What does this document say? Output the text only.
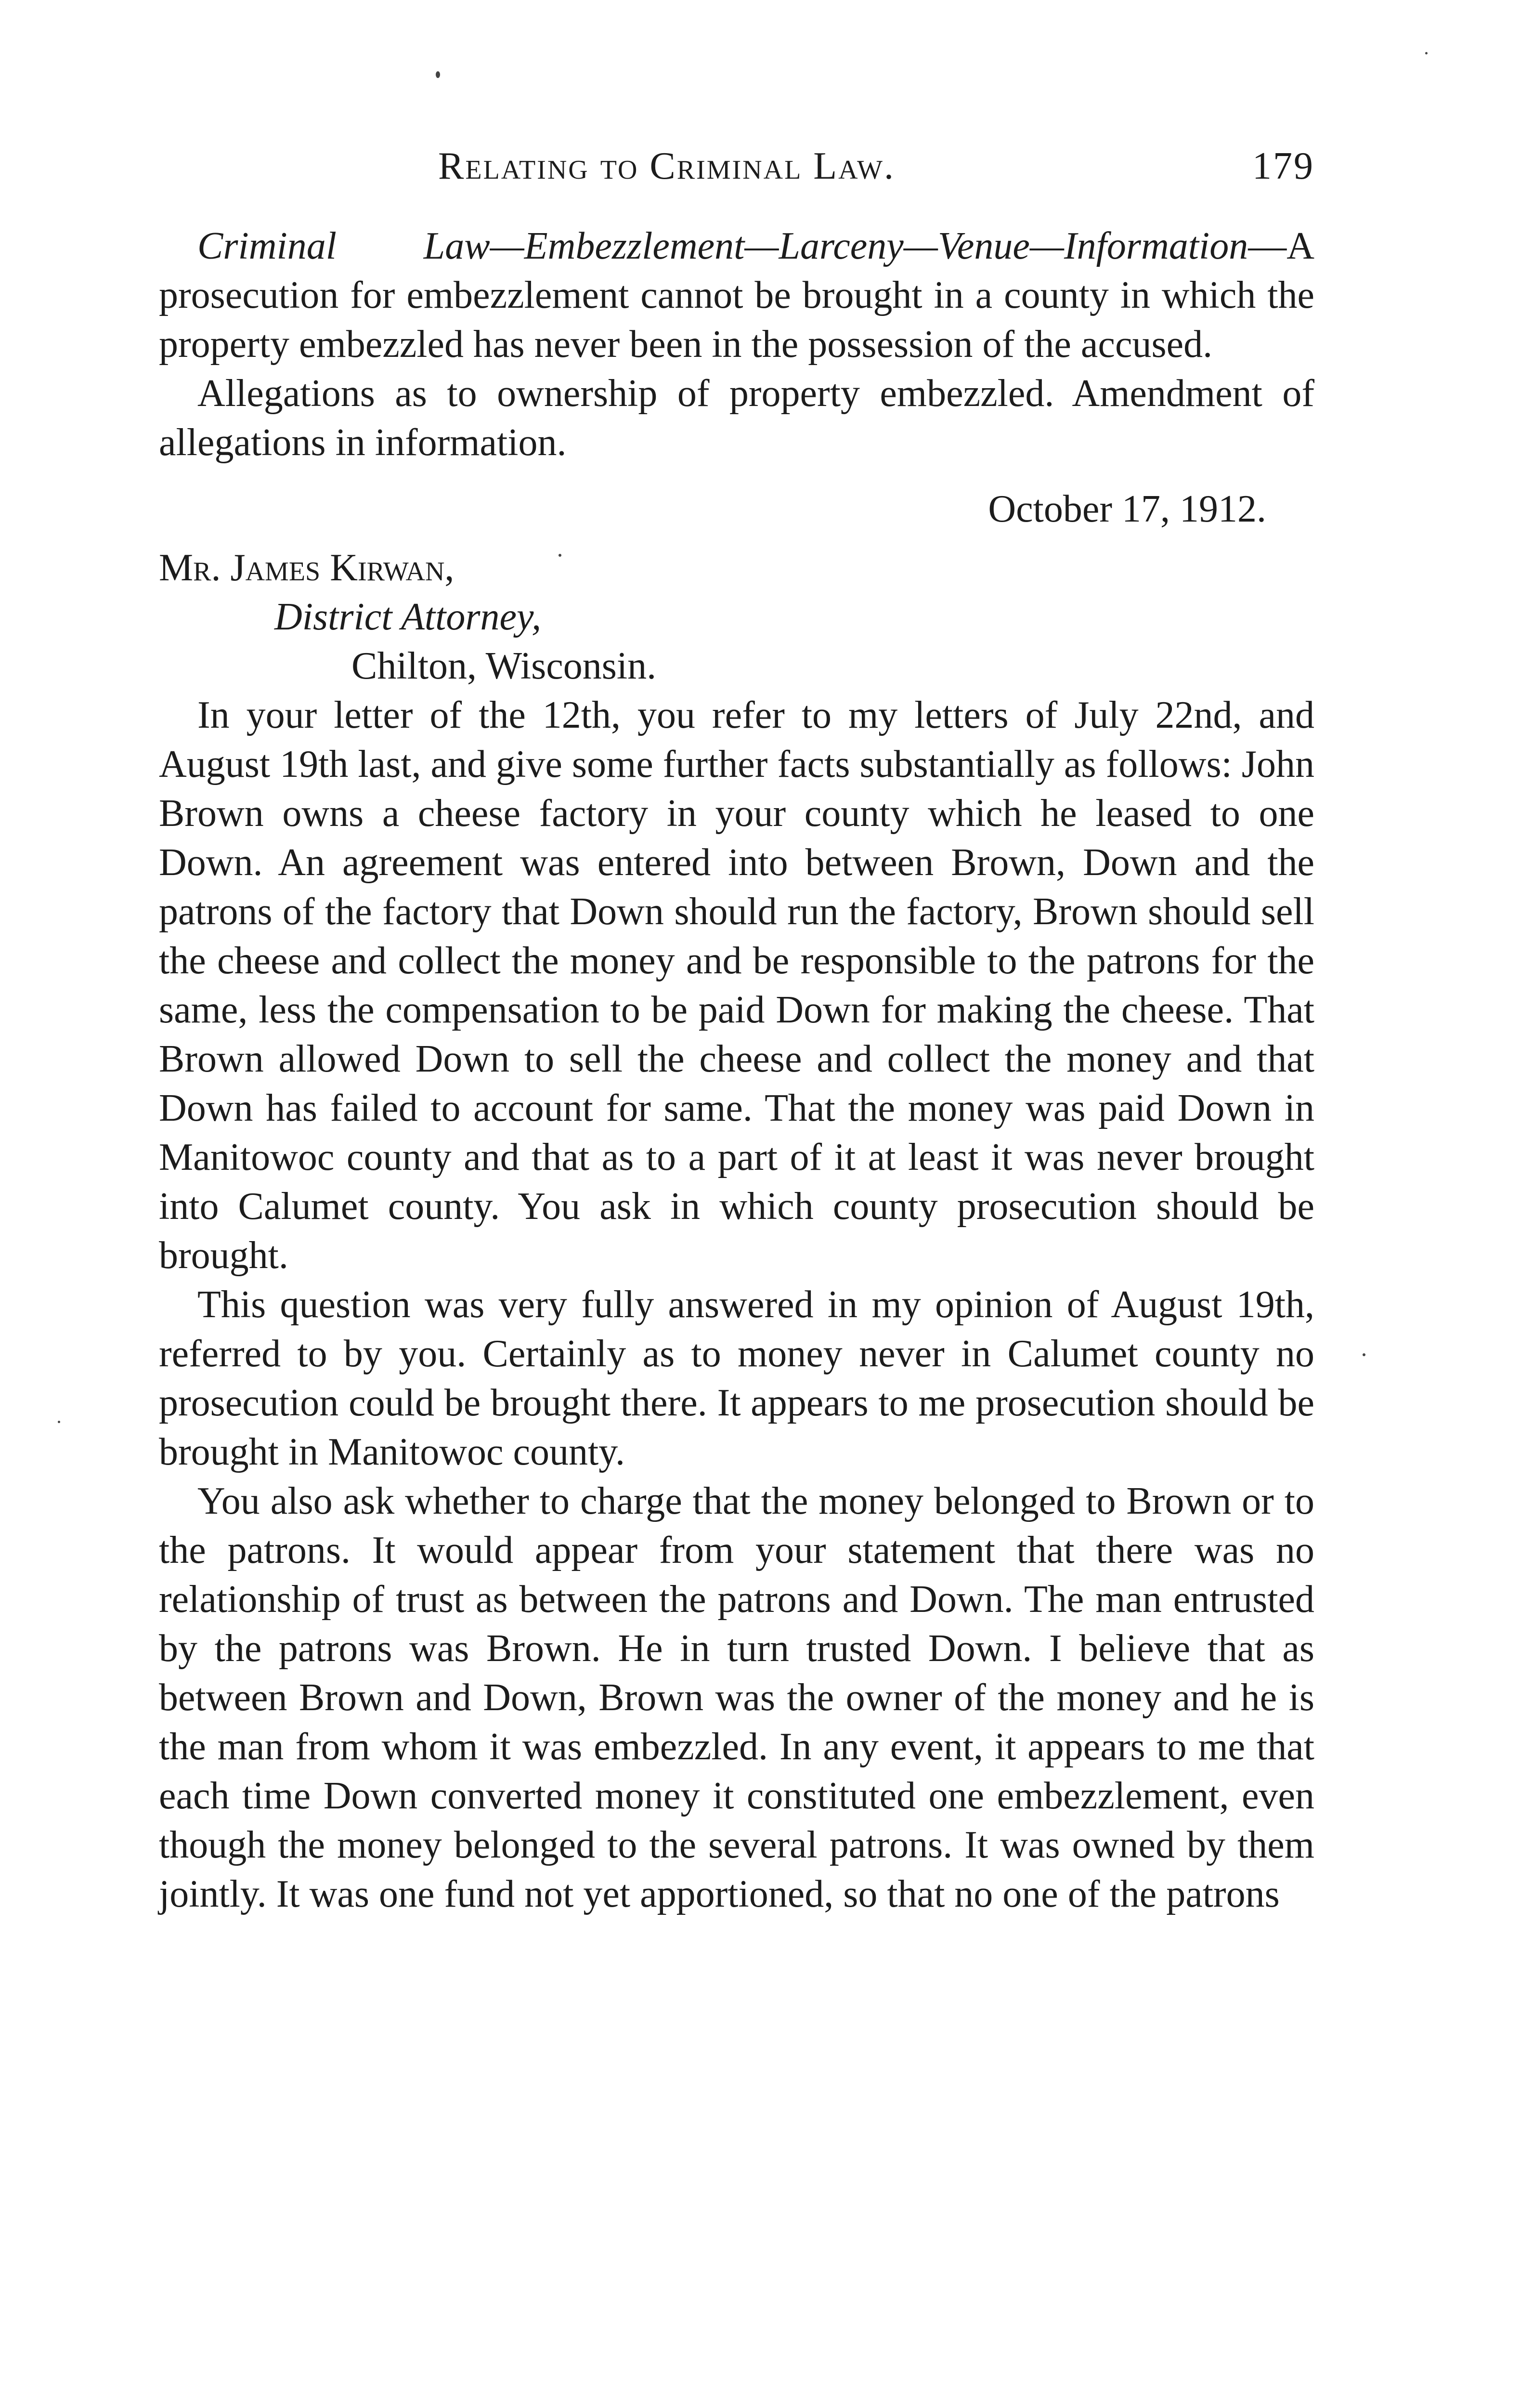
Relating to Criminal Law.	179

Criminal Law—Embezzlement—Larceny—Venue—Information—A prosecution for embezzlement cannot be brought in a county in which the property embezzled has never been in the possession of the accused.

Allegations as to ownership of property embezzled. Amendment of allegations in information.

October 17, 1912.
Mr. James Kirwan,
District Attorney,
Chilton, Wisconsin.

In your letter of the 12th, you refer to my letters of July 22nd, and August 19th last, and give some further facts substantially as follows: John Brown owns a cheese factory in your county which he leased to one Down. An agreement was entered into between Brown, Down and the patrons of the factory that Down should run the factory, Brown should sell the cheese and collect the money and be responsible to the patrons for the same, less the compensation to be paid Down for making the cheese. That Brown allowed Down to sell the cheese and collect the money and that Down has failed to account for same. That the money was paid Down in Manitowoc county and that as to a part of it at least it was never brought into Calumet county. You ask in which county prosecution should be brought.

This question was very fully answered in my opinion of August 19th, referred to by you. Certainly as to money never in Calumet county no prosecution could be brought there. It appears to me prosecution should be brought in Manitowoc county.

You also ask whether to charge that the money belonged to Brown or to the patrons. It would appear from your statement that there was no relationship of trust as between the patrons and Down. The man entrusted by the patrons was Brown. He in turn trusted Down. I believe that as between Brown and Down, Brown was the owner of the money and he is the man from whom it was embezzled. In any event, it appears to me that each time Down converted money it constituted one embezzlement, even though the money belonged to the several patrons. It was owned by them jointly. It was one fund not yet apportioned, so that no one of the patrons
